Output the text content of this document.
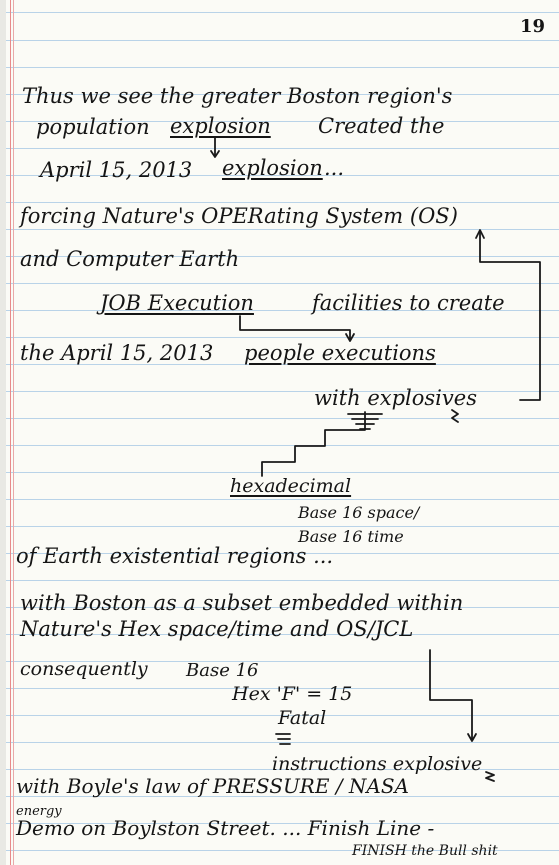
19
Thus we see the greater Boston region's
population explosion Created the
April 15, 2013 explosion ...
forcing Nature's OPERating System (OS)
and Computer Earth
JOB Execution	facilities to create
the April 15, 2013 people executions
with explosives
hexadecimal
Base 16 space/
Base 16 time
of Earth existential regions ...
with Boston as a subset embedded within
Nature's Hex space/time and OS/JCL
consequently Base 16
Hex 'F' = 15
Fatal
instructions explosive
with Boyle's law of PRESSURE / NASA
energy
Demo on Boylston Street. ... Finish Line -
FINISH the Bull shit
